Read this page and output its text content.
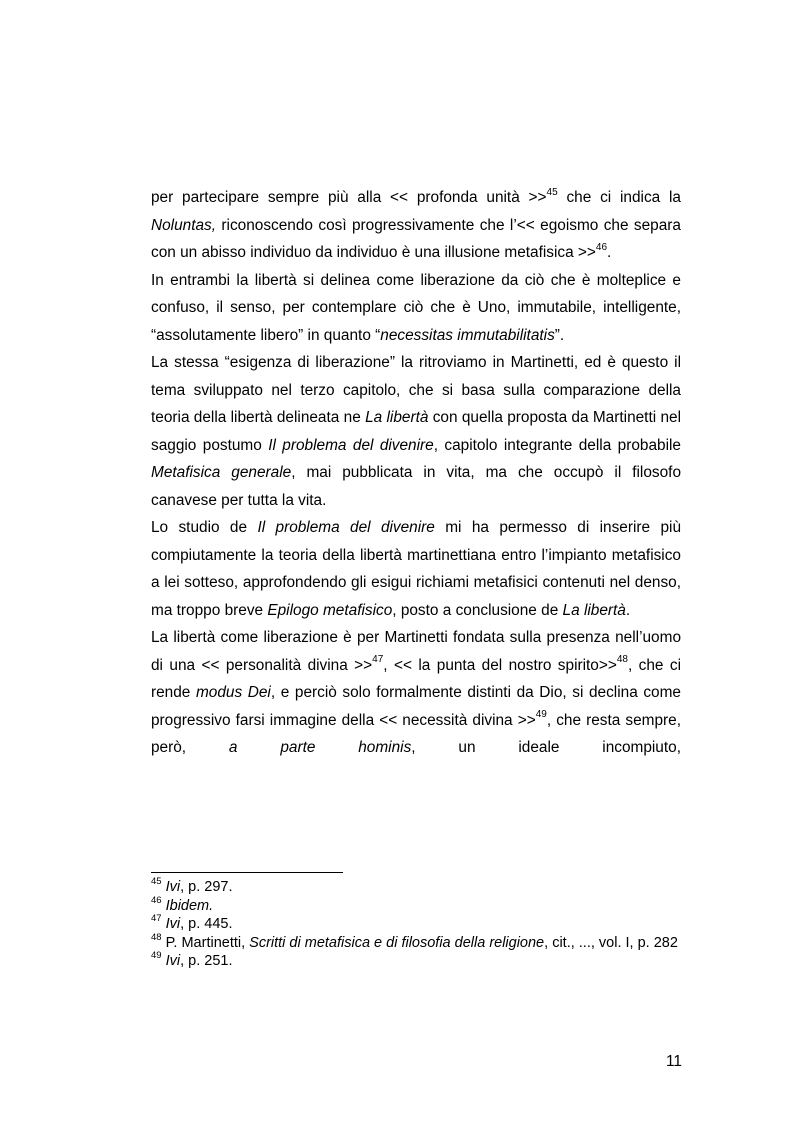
per partecipare sempre più alla << profonda unità >>$^{45}$ che ci indica la Noluntas, riconoscendo così progressivamente che l’<< egoismo che separa con un abisso individuo da individuo è una illusione metafisica >>$^{46}$.

In entrambi la libertà si delinea come liberazione da ciò che è molteplice e confuso, il senso, per contemplare ciò che è Uno, immutabile, intelligente, “assolutamente libero” in quanto “necessitas immutabilitatis”.

La stessa “esigenza di liberazione” la ritroviamo in Martinetti, ed è questo il tema sviluppato nel terzo capitolo, che si basa sulla comparazione della teoria della libertà delineata ne La libertà con quella proposta da Martinetti nel saggio postumo Il problema del divenire, capitolo integrante della probabile Metafisica generale, mai pubblicata in vita, ma che occupò il filosofo canavese per tutta la vita.

Lo studio de Il problema del divenire mi ha permesso di inserire più compiutamente la teoria della libertà martinettiana entro l’impianto metafisico a lei sotteso, approfondendo gli esigui richiami metafisici contenuti nel denso, ma troppo breve Epilogo metafisico, posto a conclusione de La libertà.

La libertà come liberazione è per Martinetti fondata sulla presenza nell’uomo di una << personalità divina >>$^{47}$, << la punta del nostro spirito>>$^{48}$, che ci rende modus Dei, e perciò solo formalmente distinti da Dio, si declina come progressivo farsi immagine della << necessità divina >>$^{49}$, che resta sempre, però, a parte hominis, un ideale incompiuto,

$^{45}$ Ivi, p. 297.

$^{46}$ Ibidem.

$^{47}$ Ivi, p. 445.

$^{48}$ P. Martinetti, Scritti di metafisica e di filosofia della religione, cit., ..., vol. I, p. 282

$^{49}$ Ivi, p. 251.

11
